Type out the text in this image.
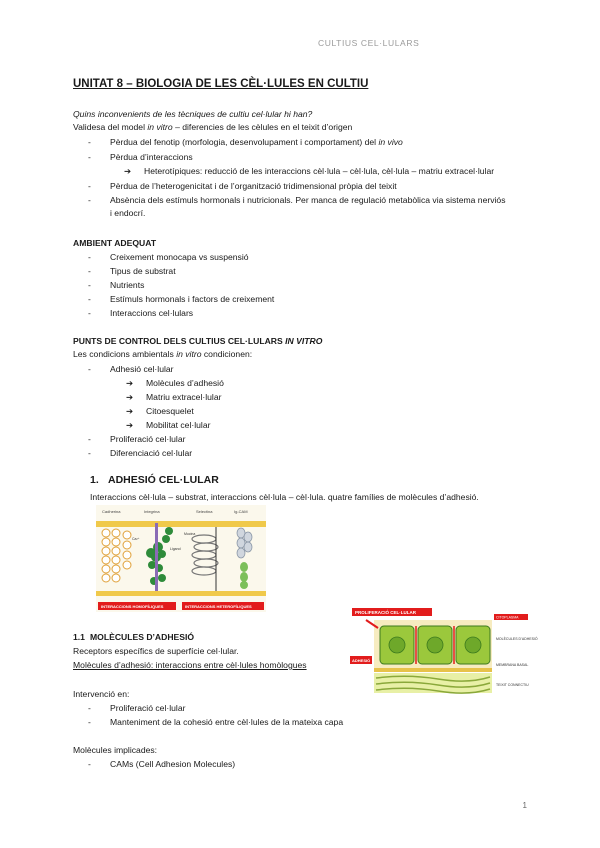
CULTIUS CEL·LULARS
UNITAT 8 – BIOLOGIA DE LES CÈL·LULES EN CULTIU
Quins inconvenients de les tècniques de cultiu cel·lular hi han?
Validesa del model in vitro – diferencies de les cèlules en el teixit d’origen
- Pèrdua del fenotip (morfologia, desenvolupament i comportament) del in vivo
- Pèrdua d’interaccions
➔ Heterotípiques: reducció de les interaccions cèl·lula – cèl·lula, cèl·lula – matriu extracel·lular
- Pèrdua de l’heterogenicitat i de l’organització tridimensional pròpia del teixit
- Absència dels estímuls hormonals i nutricionals. Per manca de regulació metabòlica via sistema nerviós
i endocrí.
AMBIENT ADEQUAT
- Creixement monocapa vs suspensió
- Tipus de substrat
- Nutrients
- Estímuls hormonals i factors de creixement
- Interaccions cel·lulars
PUNTS DE CONTROL DELS CULTIUS CEL·LULARS IN VITRO
Les condicions ambientals in vitro condicionen:
- Adhesió cel·lular
➔ Molècules d’adhesió
➔ Matriu extracel·lular
➔ Citoesquelet
➔ Mobilitat cel·lular
- Proliferació cel·lular
- Diferenciació cel·lular
1. ADHESIÓ CEL·LULAR
Interaccions cèl·lula – substrat, interaccions cèl·lula – cèl·lula. quatre famílies de molècules d’adhesió.
Cadherina	Integrina	Selectina	Ig-CAM
Ca²⁺
Ligand
Mucina
INTERACCIONS HOMOFÍLIQUES	INTERACCIONS HETEROFÍLIQUES
PROLIFERACIÓ CEL·LULAR
ADHESIÓ
CITOPLASMA
MOLÈCULES D’ADHESIÓ
MEMBRANA BASAL
TEIXIT CONNECTIU
1.1 MOLÈCULES D’ADHESIÓ
Receptors específics de superfície cel·lular.
Molècules d’adhesió: interaccions entre cèl·lules homòlogues
Intervenció en:
- Proliferació cel·lular
- Manteniment de la cohesió entre cèl·lules de la mateixa capa
Molècules implicades:
- CAMs (Cell Adhesion Molecules)
1
